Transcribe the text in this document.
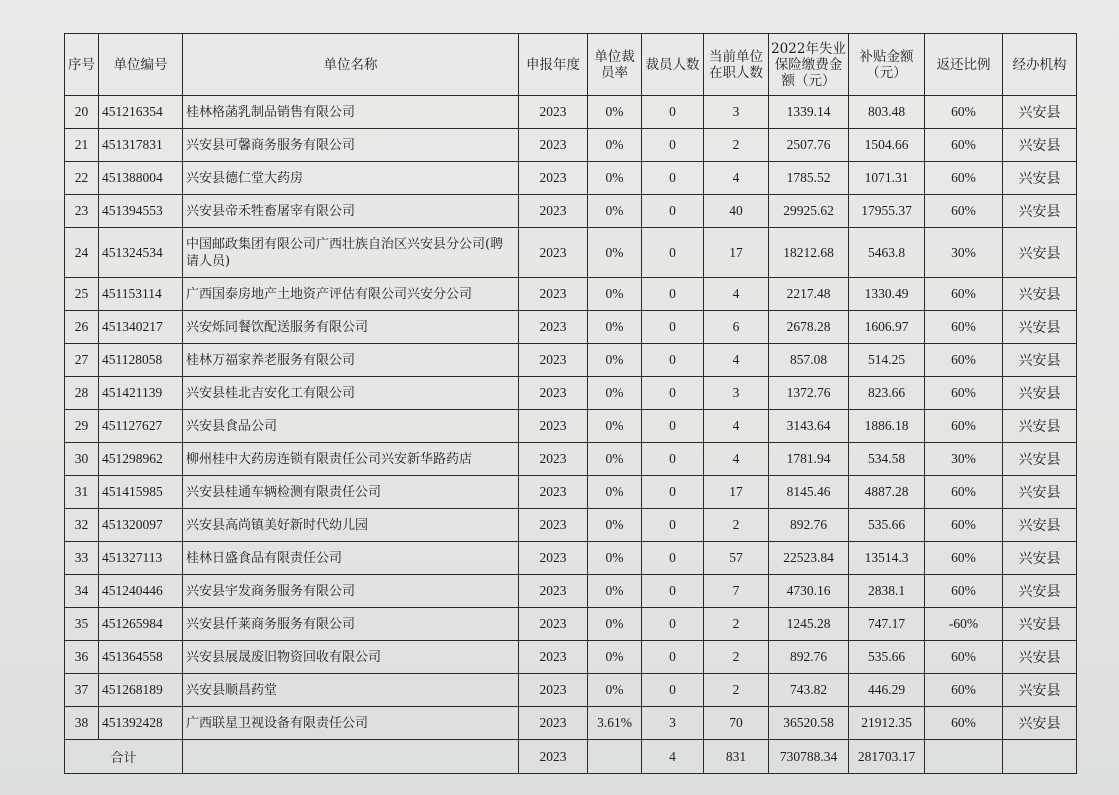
序号	单位编号	单位名称	申报年度	单位裁员率	裁员人数	当前单位在职人数	2022年失业保险缴费金额（元）	补贴金额（元）	返还比例	经办机构
20	451216354	桂林格菡乳制品销售有限公司	2023	0%	0	3	1339.14	803.48	60%	兴安县
21	451317831	兴安县可馨商务服务有限公司	2023	0%	0	2	2507.76	1504.66	60%	兴安县
22	451388004	兴安县德仁堂大药房	2023	0%	0	4	1785.52	1071.31	60%	兴安县
23	451394553	兴安县帝禾牲畜屠宰有限公司	2023	0%	0	40	29925.62	17955.37	60%	兴安县
24	451324534	中国邮政集团有限公司广西壮族自治区兴安县分公司(聘请人员)	2023	0%	0	17	18212.68	5463.8	30%	兴安县
25	451153114	广西国泰房地产土地资产评估有限公司兴安分公司	2023	0%	0	4	2217.48	1330.49	60%	兴安县
26	451340217	兴安烁同餐饮配送服务有限公司	2023	0%	0	6	2678.28	1606.97	60%	兴安县
27	451128058	桂林万福家养老服务有限公司	2023	0%	0	4	857.08	514.25	60%	兴安县
28	451421139	兴安县桂北吉安化工有限公司	2023	0%	0	3	1372.76	823.66	60%	兴安县
29	451127627	兴安县食品公司	2023	0%	0	4	3143.64	1886.18	60%	兴安县
30	451298962	柳州桂中大药房连锁有限责任公司兴安新华路药店	2023	0%	0	4	1781.94	534.58	30%	兴安县
31	451415985	兴安县桂通车辆检测有限责任公司	2023	0%	0	17	8145.46	4887.28	60%	兴安县
32	451320097	兴安县高尚镇美好新时代幼儿园	2023	0%	0	2	892.76	535.66	60%	兴安县
33	451327113	桂林日盛食品有限责任公司	2023	0%	0	57	22523.84	13514.3	60%	兴安县
34	451240446	兴安县宇发商务服务有限公司	2023	0%	0	7	4730.16	2838.1	60%	兴安县
35	451265984	兴安县仟莱商务服务有限公司	2023	0%	0	2	1245.28	747.17	-60%	兴安县
36	451364558	兴安县展晟废旧物资回收有限公司	2023	0%	0	2	892.76	535.66	60%	兴安县
37	451268189	兴安县顺昌药堂	2023	0%	0	2	743.82	446.29	60%	兴安县
38	451392428	广西联星卫视设备有限责任公司	2023	3.61%	3	70	36520.58	21912.35	60%	兴安县
合计			2023		4	831	730788.34	281703.17		
